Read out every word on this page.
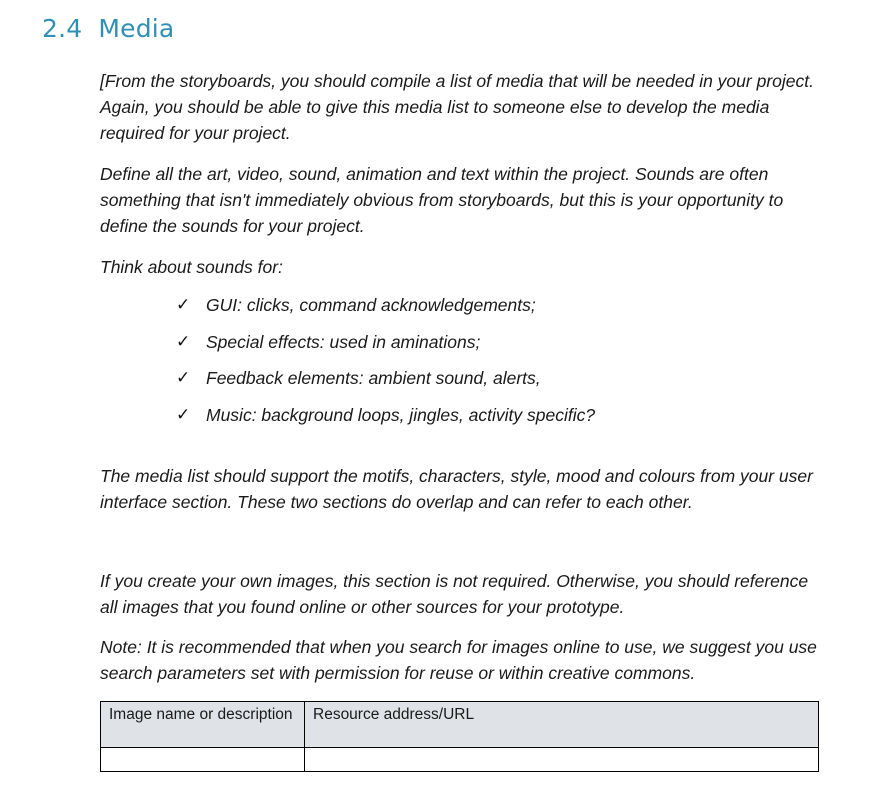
2.4 Media

[From the storyboards, you should compile a list of media that will be needed in your project. Again, you should be able to give this media list to someone else to develop the media required for your project.

Define all the art, video, sound, animation and text within the project. Sounds are often something that isn't immediately obvious from storyboards, but this is your opportunity to define the sounds for your project.

Think about sounds for:

✓ GUI: clicks, command acknowledgements;
✓ Special effects: used in aminations;
✓ Feedback elements: ambient sound, alerts,
✓ Music: background loops, jingles, activity specific?

The media list should support the motifs, characters, style, mood and colours from your user interface section. These two sections do overlap and can refer to each other.

If you create your own images, this section is not required. Otherwise, you should reference all images that you found online or other sources for your prototype.

Note: It is recommended that when you search for images online to use, we suggest you use search parameters set with permission for reuse or within creative commons.

Image name or description	Resource address/URL
